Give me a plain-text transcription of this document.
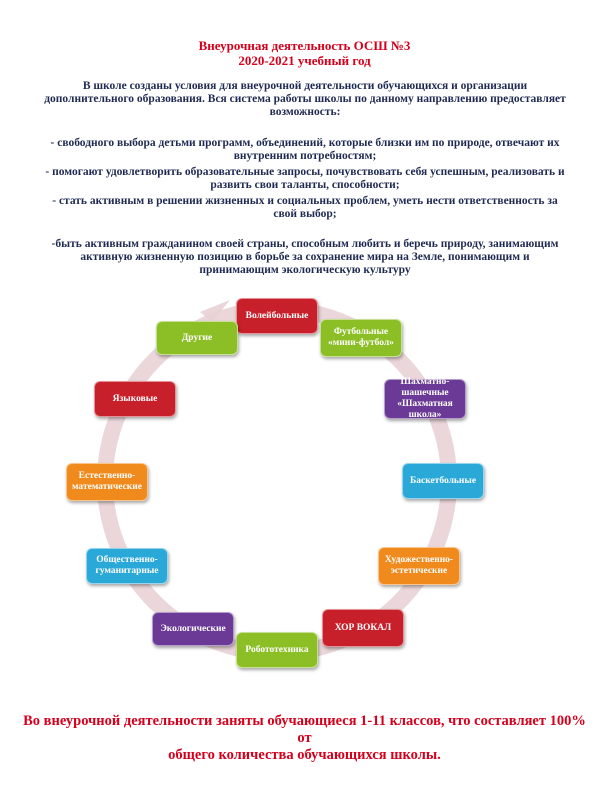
Внеурочная деятельность ОСШ №3
2020-2021 учебный год

В школе созданы условия для внеурочной деятельности обучающихся и организации дополнительного образования. Вся система работы школы по данному направлению предоставляет возможность:

- свободного выбора детьми программ, объединений, которые близки им по природе, отвечают их внутренним потребностям;

- помогают удовлетворить образовательные запросы, почувствовать себя успешным, реализовать и развить свои таланты, способности;

- стать активным в решении жизненных и социальных проблем, уметь нести ответственность за свой выбор;

-быть активным гражданином своей страны, способным любить и беречь природу, занимающим активную жизненную позицию в борьбе за сохранение мира на Земле, понимающим и принимающим экологическую культуру

Волейбольные
Футбольные «мини-футбол»
Шахматно-шашечные «Шахматная школа»
Баскетбольные
Художественно-эстетические
ХОР ВОКАЛ
Робототехника
Экологические
Общественно-гуманитарные
Естественно-математические
Языковые
Другие

Во внеурочной деятельности заняты обучающиеся 1-11 классов, что составляет 100% от
общего количества обучающихся школы.
